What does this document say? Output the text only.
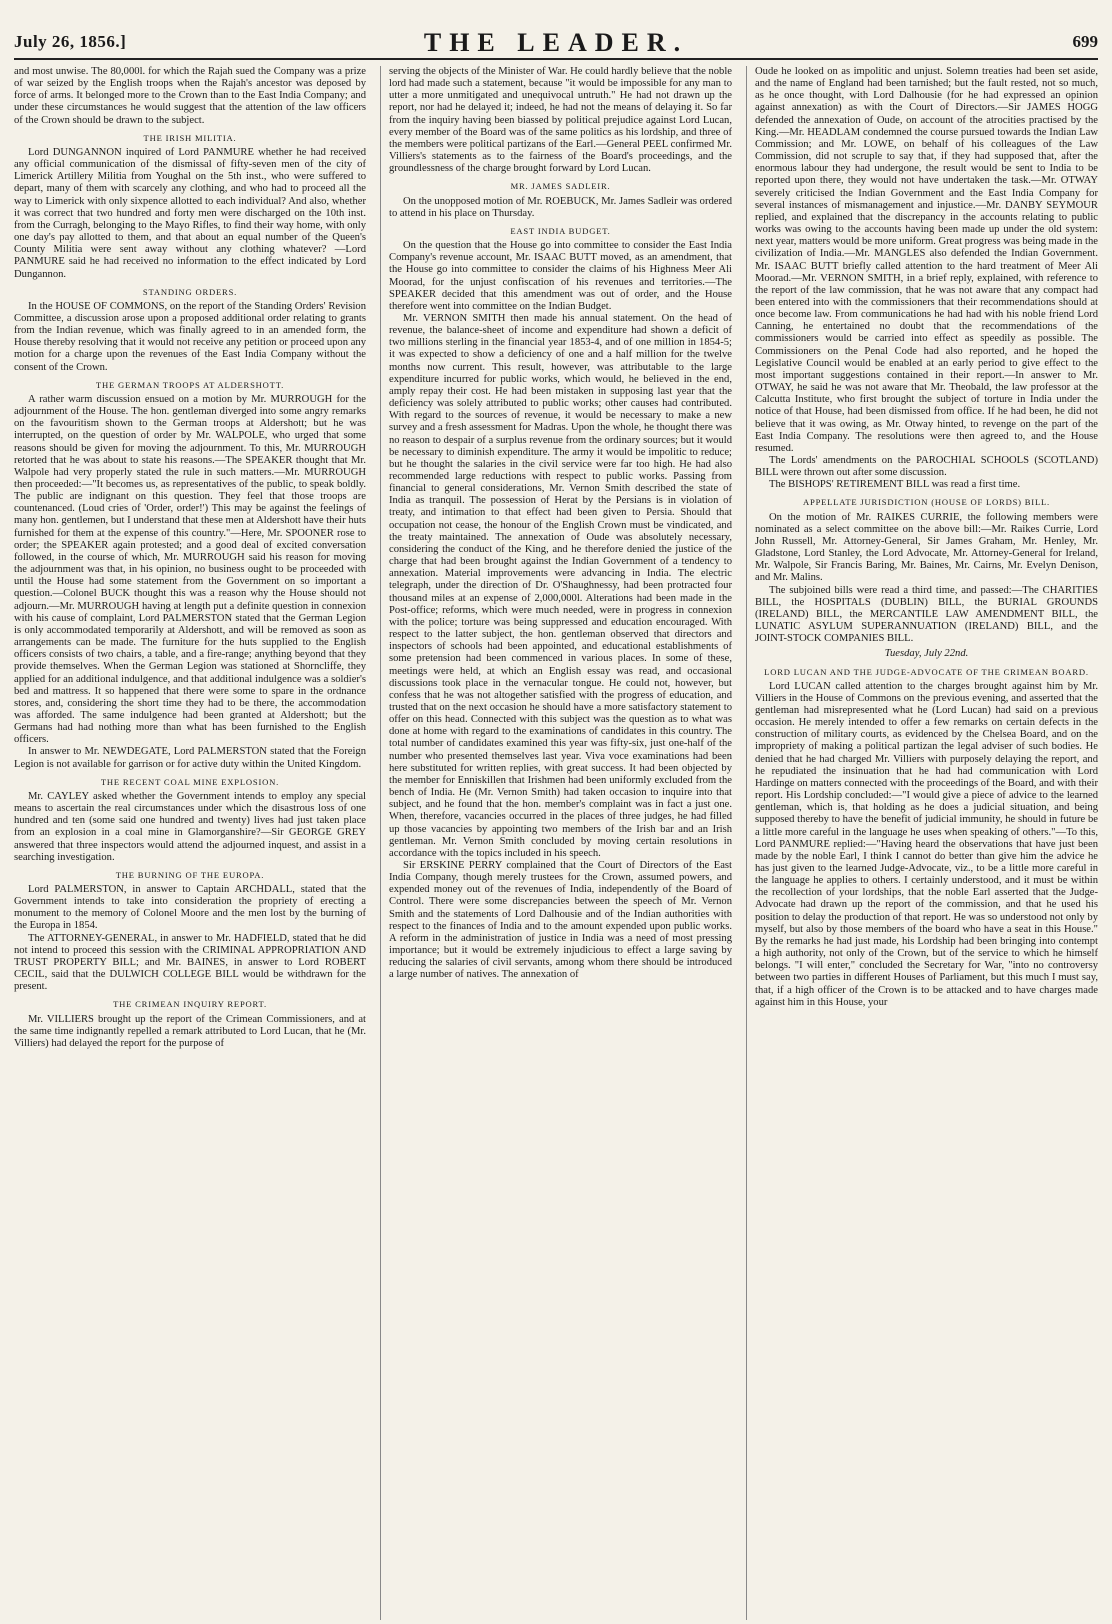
July 26, 1856.]	THE LEADER.	699

and most unwise. The 80,000l. for which the Rajah sued the Company was a prize of war seized by the English troops when the Rajah's ancestor was deposed by force of arms. It belonged more to the Crown than to the East India Company; and under these circumstances he would suggest that the attention of the law officers of the Crown should be drawn to the subject.

THE IRISH MILITIA.

Lord DUNGANNON inquired of Lord PANMURE whether he had received any official communication of the dismissal of fifty-seven men of the city of Limerick Artillery Militia from Youghal on the 5th inst., who were suffered to depart, many of them with scarcely any clothing, and who had to proceed all the way to Limerick with only sixpence allotted to each individual? And also, whether it was correct that two hundred and forty men were discharged on the 10th inst. from the Curragh, belonging to the Mayo Rifles, to find their way home, with only one day's pay allotted to them, and that about an equal number of the Queen's County Militia were sent away without any clothing whatever? —Lord PANMURE said he had received no information to the effect indicated by Lord Dungannon.

STANDING ORDERS.

In the HOUSE OF COMMONS, on the report of the Standing Orders' Revision Committee, a discussion arose upon a proposed additional order relating to grants from the Indian revenue, which was finally agreed to in an amended form, the House thereby resolving that it would not receive any petition or proceed upon any motion for a charge upon the revenues of the East India Company without the consent of the Crown.

THE GERMAN TROOPS AT ALDERSHOTT.

A rather warm discussion ensued on a motion by Mr. MURROUGH for the adjournment of the House. The hon. gentleman diverged into some angry remarks on the favouritism shown to the German troops at Aldershott; but he was interrupted, on the question of order by Mr. WALPOLE, who urged that some reasons should be given for moving the adjournment. To this, Mr. MURROUGH retorted that he was about to state his reasons.—The SPEAKER thought that Mr. Walpole had very properly stated the rule in such matters.—Mr. MURROUGH then proceeded:—"It becomes us, as representatives of the public, to speak boldly. The public are indignant on this question. They feel that those troops are countenanced. (Loud cries of 'Order, order!') This may be against the feelings of many hon. gentlemen, but I understand that these men at Aldershott have their huts furnished for them at the expense of this country."—Here, Mr. SPOONER rose to order; the SPEAKER again protested; and a good deal of excited conversation followed, in the course of which, Mr. MURROUGH said his reason for moving the adjournment was that, in his opinion, no business ought to be proceeded with until the House had some statement from the Government on so important a question.—Colonel BUCK thought this was a reason why the House should not adjourn.—Mr. MURROUGH having at length put a definite question in connexion with his cause of complaint, Lord PALMERSTON stated that the German Legion is only accommodated temporarily at Aldershott, and will be removed as soon as arrangements can be made. The furniture for the huts supplied to the English officers consists of two chairs, a table, and a fire-range; anything beyond that they provide themselves. When the German Legion was stationed at Shorncliffe, they applied for an additional indulgence, and that additional indulgence was a soldier's bed and mattress. It so happened that there were some to spare in the ordnance stores, and, considering the short time they had to be there, the accommodation was afforded. The same indulgence had been granted at Aldershott; but the Germans had had nothing more than what has been furnished to the English officers.

In answer to Mr. NEWDEGATE, Lord PALMERSTON stated that the Foreign Legion is not available for garrison or for active duty within the United Kingdom.

THE RECENT COAL MINE EXPLOSION.

Mr. CAYLEY asked whether the Government intends to employ any special means to ascertain the real circumstances under which the disastrous loss of one hundred and ten (some said one hundred and twenty) lives had just taken place from an explosion in a coal mine in Glamorganshire?—Sir GEORGE GREY answered that three inspectors would attend the adjourned inquest, and assist in a searching investigation.

THE BURNING OF THE EUROPA.

Lord PALMERSTON, in answer to Captain ARCHDALL, stated that the Government intends to take into consideration the propriety of erecting a monument to the memory of Colonel Moore and the men lost by the burning of the Europa in 1854.

The ATTORNEY-GENERAL, in answer to Mr. HADFIELD, stated that he did not intend to proceed this session with the CRIMINAL APPROPRIATION AND TRUST PROPERTY BILL; and Mr. BAINES, in answer to Lord ROBERT CECIL, said that the DULWICH COLLEGE BILL would be withdrawn for the present.

THE CRIMEAN INQUIRY REPORT.

Mr. VILLIERS brought up the report of the Crimean Commissioners, and at the same time indignantly repelled a remark attributed to Lord Lucan, that he (Mr. Villiers) had delayed the report for the purpose of

serving the objects of the Minister of War. He could hardly believe that the noble lord had made such a statement, because "it would be impossible for any man to utter a more unmitigated and unequivocal untruth." He had not drawn up the report, nor had he delayed it; indeed, he had not the means of delaying it. So far from the inquiry having been biassed by political prejudice against Lord Lucan, every member of the Board was of the same politics as his lordship, and three of the members were political partizans of the Earl.—General PEEL confirmed Mr. Villiers's statements as to the fairness of the Board's proceedings, and the groundlessness of the charge brought forward by Lord Lucan.

MR. JAMES SADLEIR.

On the unopposed motion of Mr. ROEBUCK, Mr. James Sadleir was ordered to attend in his place on Thursday.

EAST INDIA BUDGET.

On the question that the House go into committee to consider the East India Company's revenue account, Mr. ISAAC BUTT moved, as an amendment, that the House go into committee to consider the claims of his Highness Meer Ali Moorad, for the unjust confiscation of his revenues and territories.—The SPEAKER decided that this amendment was out of order, and the House therefore went into committee on the Indian Budget.

Mr. VERNON SMITH then made his annual statement. On the head of revenue, the balance-sheet of income and expenditure had shown a deficit of two millions sterling in the financial year 1853-4, and of one million in 1854-5; it was expected to show a deficiency of one and a half million for the twelve months now current. This result, however, was attributable to the large expenditure incurred for public works, which would, he believed in the end, amply repay their cost. He had been mistaken in supposing last year that the deficiency was solely attributed to public works; other causes had contributed. With regard to the sources of revenue, it would be necessary to make a new survey and a fresh assessment for Madras. Upon the whole, he thought there was no reason to despair of a surplus revenue from the ordinary sources; but it would be necessary to diminish expenditure. The army it would be impolitic to reduce; but he thought the salaries in the civil service were far too high. He had also recommended large reductions with respect to public works. Passing from financial to general considerations, Mr. Vernon Smith described the state of India as tranquil. The possession of Herat by the Persians is in violation of treaty, and intimation to that effect had been given to Persia. Should that occupation not cease, the honour of the English Crown must be vindicated, and the treaty maintained. The annexation of Oude was absolutely necessary, considering the conduct of the King, and he therefore denied the justice of the charge that had been brought against the Indian Government of a tendency to annexation. Material improvements were advancing in India. The electric telegraph, under the direction of Dr. O'Shaughnessy, had been protracted four thousand miles at an expense of 2,000,000l. Alterations had been made in the Post-office; reforms, which were much needed, were in progress in connexion with the police; torture was being suppressed and education encouraged. With respect to the latter subject, the hon. gentleman observed that directors and inspectors of schools had been appointed, and educational establishments of some pretension had been commenced in various places. In some of these, meetings were held, at which an English essay was read, and occasional discussions took place in the vernacular tongue. He could not, however, but confess that he was not altogether satisfied with the progress of education, and trusted that on the next occasion he should have a more satisfactory statement to offer on this head. Connected with this subject was the question as to what was done at home with regard to the examinations of candidates in this country. The total number of candidates examined this year was fifty-six, just one-half of the number who presented themselves last year. Viva voce examinations had been here substituted for written replies, with great success. It had been objected by the member for Enniskillen that Irishmen had been uniformly excluded from the bench of India. He (Mr. Vernon Smith) had taken occasion to inquire into that subject, and he found that the hon. member's complaint was in fact a just one. When, therefore, vacancies occurred in the places of three judges, he had filled up those vacancies by appointing two members of the Irish bar and an Irish gentleman. Mr. Vernon Smith concluded by moving certain resolutions in accordance with the topics included in his speech.

Sir ERSKINE PERRY complained that the Court of Directors of the East India Company, though merely trustees for the Crown, assumed powers, and expended money out of the revenues of India, independently of the Board of Control. There were some discrepancies between the speech of Mr. Vernon Smith and the statements of Lord Dalhousie and of the Indian authorities with respect to the finances of India and to the amount expended upon public works. A reform in the administration of justice in India was a need of most pressing importance; but it would be extremely injudicious to effect a large saving by reducing the salaries of civil servants, among whom there should be introduced a large number of natives. The annexation of

Oude he looked on as impolitic and unjust. Solemn treaties had been set aside, and the name of England had been tarnished; but the fault rested, not so much, as he once thought, with Lord Dalhousie (for he had expressed an opinion against annexation) as with the Court of Directors.—Sir JAMES HOGG defended the annexation of Oude, on account of the atrocities practised by the King.—Mr. HEADLAM condemned the course pursued towards the Indian Law Commission; and Mr. LOWE, on behalf of his colleagues of the Law Commission, did not scruple to say that, if they had supposed that, after the enormous labour they had undergone, the result would be sent to India to be reported upon there, they would not have undertaken the task.—Mr. OTWAY severely criticised the Indian Government and the East India Company for several instances of mismanagement and injustice.—Mr. DANBY SEYMOUR replied, and explained that the discrepancy in the accounts relating to public works was owing to the accounts having been made up under the old system: next year, matters would be more uniform. Great progress was being made in the civilization of India.—Mr. MANGLES also defended the Indian Government. Mr. ISAAC BUTT briefly called attention to the hard treatment of Meer Ali Moorad.—Mr. VERNON SMITH, in a brief reply, explained, with reference to the report of the law commission, that he was not aware that any compact had been entered into with the commissioners that their recommendations should at once become law. From communications he had had with his noble friend Lord Canning, he entertained no doubt that the recommendations of the commissioners would be carried into effect as speedily as possible. The Commissioners on the Penal Code had also reported, and he hoped the Legislative Council would be enabled at an early period to give effect to the most important suggestions contained in their report.—In answer to Mr. OTWAY, he said he was not aware that Mr. Theobald, the law professor at the Calcutta Institute, who first brought the subject of torture in India under the notice of that House, had been dismissed from office. If he had been, he did not believe that it was owing, as Mr. Otway hinted, to revenge on the part of the East India Company. The resolutions were then agreed to, and the House resumed.

The Lords' amendments on the PAROCHIAL SCHOOLS (SCOTLAND) BILL were thrown out after some discussion.

The BISHOPS' RETIREMENT BILL was read a first time.

APPELLATE JURISDICTION (HOUSE OF LORDS) BILL.

On the motion of Mr. RAIKES CURRIE, the following members were nominated as a select committee on the above bill:—Mr. Raikes Currie, Lord John Russell, Mr. Attorney-General, Sir James Graham, Mr. Henley, Mr. Gladstone, Lord Stanley, the Lord Advocate, Mr. Attorney-General for Ireland, Mr. Walpole, Sir Francis Baring, Mr. Baines, Mr. Cairns, Mr. Evelyn Denison, and Mr. Malins.

The subjoined bills were read a third time, and passed:—The CHARITIES BILL, the HOSPITALS (DUBLIN) BILL, the BURIAL GROUNDS (IRELAND) BILL, the MERCANTILE LAW AMENDMENT BILL, the LUNATIC ASYLUM SUPERANNUATION (IRELAND) BILL, and the JOINT-STOCK COMPANIES BILL.

Tuesday, July 22nd.

LORD LUCAN AND THE JUDGE-ADVOCATE OF THE CRIMEAN BOARD.

Lord LUCAN called attention to the charges brought against him by Mr. Villiers in the House of Commons on the previous evening, and asserted that the gentleman had misrepresented what he (Lord Lucan) had said on a previous occasion. He merely intended to offer a few remarks on certain defects in the construction of military courts, as evidenced by the Chelsea Board, and on the impropriety of making a political partizan the legal adviser of such bodies. He denied that he had charged Mr. Villiers with purposely delaying the report, and he repudiated the insinuation that he had had communication with Lord Hardinge on matters connected with the proceedings of the Board, and with their report. His Lordship concluded:—"I would give a piece of advice to the learned gentleman, which is, that holding as he does a judicial situation, and being supposed thereby to have the benefit of judicial immunity, he should in future be a little more careful in the language he uses when speaking of others."—To this, Lord PANMURE replied:—"Having heard the observations that have just been made by the noble Earl, I think I cannot do better than give him the advice he has just given to the learned Judge-Advocate, viz., to be a little more careful in the language he applies to others. I certainly understood, and it must be within the recollection of your lordships, that the noble Earl asserted that the Judge-Advocate had drawn up the report of the commission, and that he used his position to delay the production of that report. He was so understood not only by myself, but also by those members of the board who have a seat in this House." By the remarks he had just made, his Lordship had been bringing into contempt a high authority, not only of the Crown, but of the service to which he himself belongs. "I will enter," concluded the Secretary for War, "into no controversy between two parties in different Houses of Parliament, but this much I must say, that, if a high officer of the Crown is to be attacked and to have charges made against him in this House, your
